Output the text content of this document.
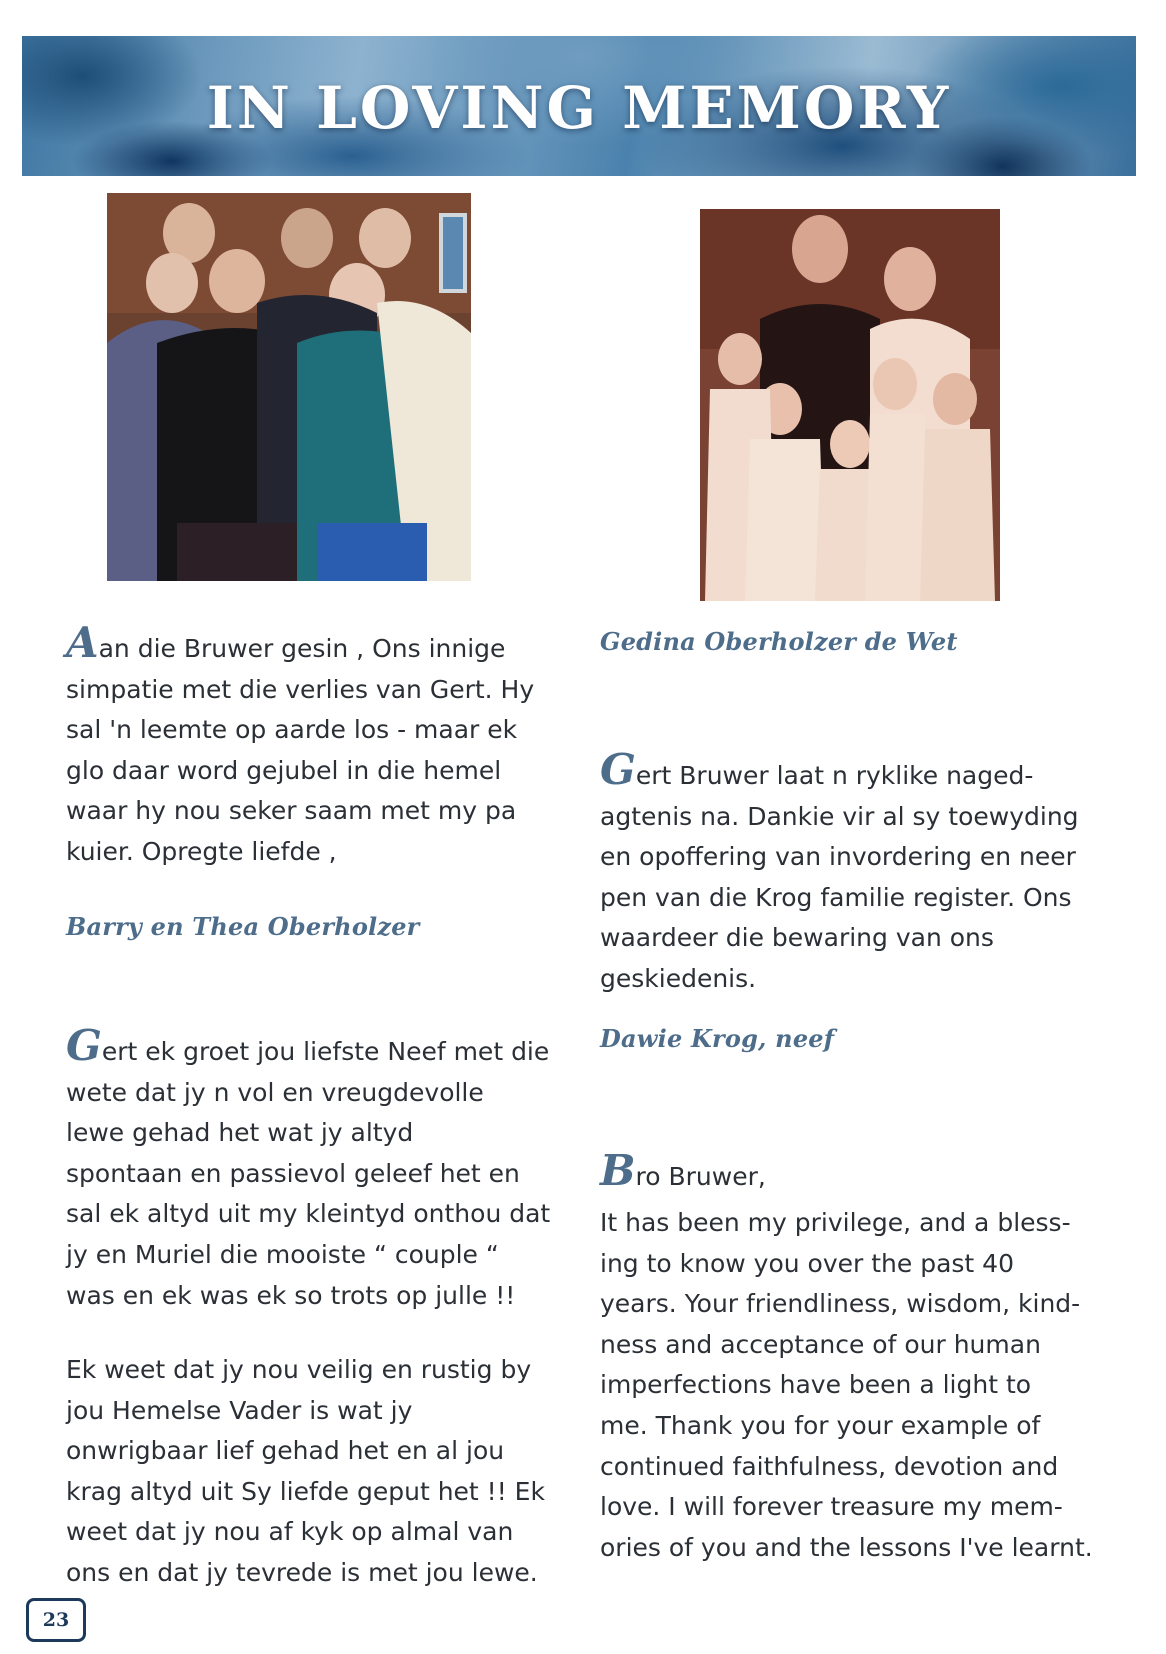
IN LOVING MEMORY
Aan die Bruwer gesin , Ons innige
simpatie met die verlies van Gert. Hy
sal 'n leemte op aarde los - maar ek
glo daar word gejubel in die hemel
waar hy nou seker saam met my pa
kuier. Opregte liefde ,
Barry en Thea Oberholzer
Gert ek groet jou liefste Neef met die
wete dat jy n vol en vreugdevolle
lewe gehad het wat jy altyd
spontaan en passievol geleef het en
sal ek altyd uit my kleintyd onthou dat
jy en Muriel die mooiste “ couple “
was en ek was ek so trots op julle !!
Ek weet dat jy nou veilig en rustig by
jou Hemelse Vader is wat jy
onwrigbaar lief gehad het en al jou
krag altyd uit Sy liefde geput het !! Ek
weet dat jy nou af kyk op almal van
ons en dat jy tevrede is met jou lewe.
Gedina Oberholzer de Wet
Gert Bruwer laat n ryklike naged-
agtenis na. Dankie vir al sy toewyding
en opoffering van invordering en neer
pen van die Krog familie register. Ons
waardeer die bewaring van ons
geskiedenis.
Dawie Krog, neef
Bro Bruwer,
It has been my privilege, and a bless-
ing to know you over the past 40
years. Your friendliness, wisdom, kind-
ness and acceptance of our human
imperfections have been a light to
me. Thank you for your example of
continued faithfulness, devotion and
love. I will forever treasure my mem-
ories of you and the lessons I've learnt.
23
